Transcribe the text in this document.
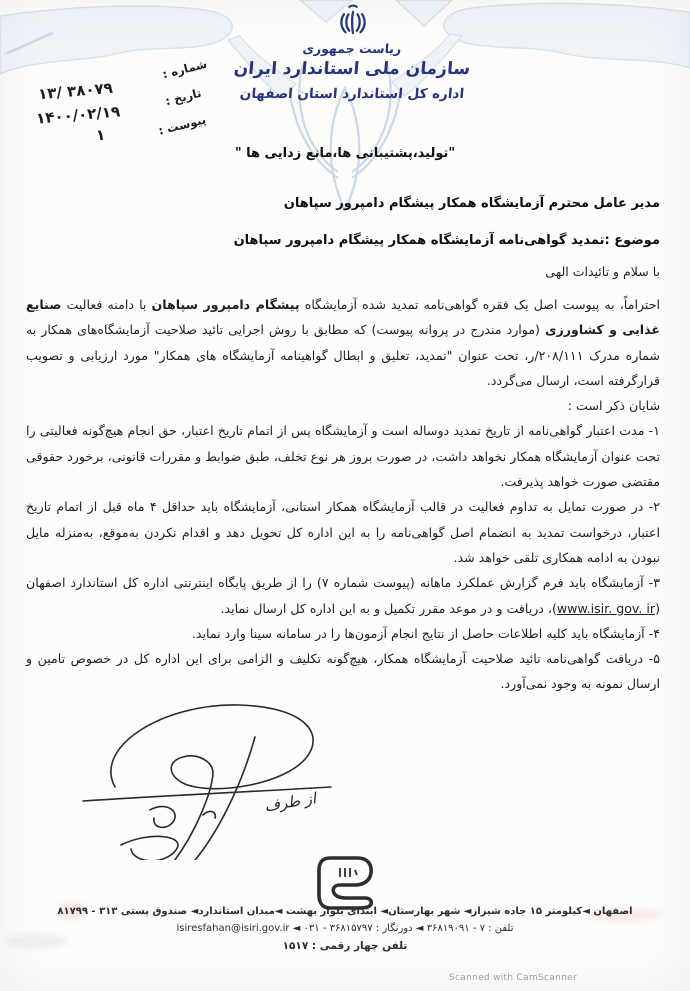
ریاست جمهوری
سازمان ملی استاندارد ایران
اداره کل استاندارد استان اصفهان
شماره :
۱۳/ ۳۸۰۷۹	تاریخ :
۱۴۰۰/۰۲/۱۹	پیوست :
۱
"تولید،پشتیبانی ها،مانع زدایی ها "
مدیر عامل محترم آزمایشگاه همکار پیشگام دامپرور سپاهان
موضوع :تمدید گواهی‌نامه آزمایشگاه همکار پیشگام دامپرور سپاهان
با سلام و تائیدات الهی

احتراماً، به پیوست اصل یک فقره گواهی‌نامه تمدید شده آزمایشگاه پیشگام دامپرور سپاهان با دامنه فعالیت صنایع غذایی و کشاورزی (موارد مندرج در پروانه پیوست) که مطابق با روش اجرایی تائید صلاحیت آزمایشگاه‌های همکار به شماره مدرک ۲۰۸/۱۱۱/ر، تحت عنوان "تمدید، تعلیق و ابطال گواهینامه آزمایشگاه های همکار" مورد ارزیابی و تصویب قرارگرفته است، ارسال می‌گردد.

شایان ذکر است :

۱- مدت اعتبار گواهی‌نامه از تاریخ تمدید دوساله است و آزمایشگاه پس از اتمام تاریخ اعتبار، حق انجام هیچ‌گونه فعالیتی را تحت عنوان آزمایشگاه همکار نخواهد داشت، در صورت بروز هر نوع تخلف، طبق ضوابط و مقررات قانونی، برخورد حقوقی مقتضی صورت خواهد پذیرفت.

۲- در صورت تمایل به تداوم فعالیت در قالب آزمایشگاه همکار استانی، آزمایشگاه باید حداقل ۴ ماه قبل از اتمام تاریخ اعتبار، درخواست تمدید به انضمام اصل گواهی‌نامه را به این اداره کل تحویل دهد و اقدام نکردن به‌موقع، به‌منزله مایل نبودن به ادامه همکاری تلقی خواهد شد.

۳- آزمایشگاه باید فرم گزارش عملکرد ماهانه (پیوست شماره ۷) را از طریق پایگاه اینترنتی اداره کل استاندارد اصفهان (www.isir. gov. ir)، دریافت و در موعد مقرر تکمیل و به این اداره کل ارسال نماید.

۴- آزمایشگاه باید کلیه اطلاعات حاصل از نتایج انجام آزمون‌ها را در سامانه سینا وارد نماید.

۵- دریافت گواهی‌نامه تائید صلاحیت آزمایشگاه همکار، هیچ‌گونه تکلیف و الزامی برای این اداره کل در خصوص تامین و ارسال نمونه به وجود نمی‌آورد.

از طرف
اصفهان ◄کیلومتر ۱۵ جاده شیراز◄ شهر بهارستان◄ ابتدای بلوار بهشت ◄میدان استاندارد◄ صندوق پستی ۳۱۳ - ۸۱۷۹۹
تلفن : ۷ - ۳۶۸۱۹۰۹۱ ◄ دورنگار : ۳۶۸۱۵۷۹۷ - ۰۳۱ ◄ isiresfahan@isiri.gov.ir
تلفن چهار رقمی : ۱۵۱۷
Scanned with CamScanner
